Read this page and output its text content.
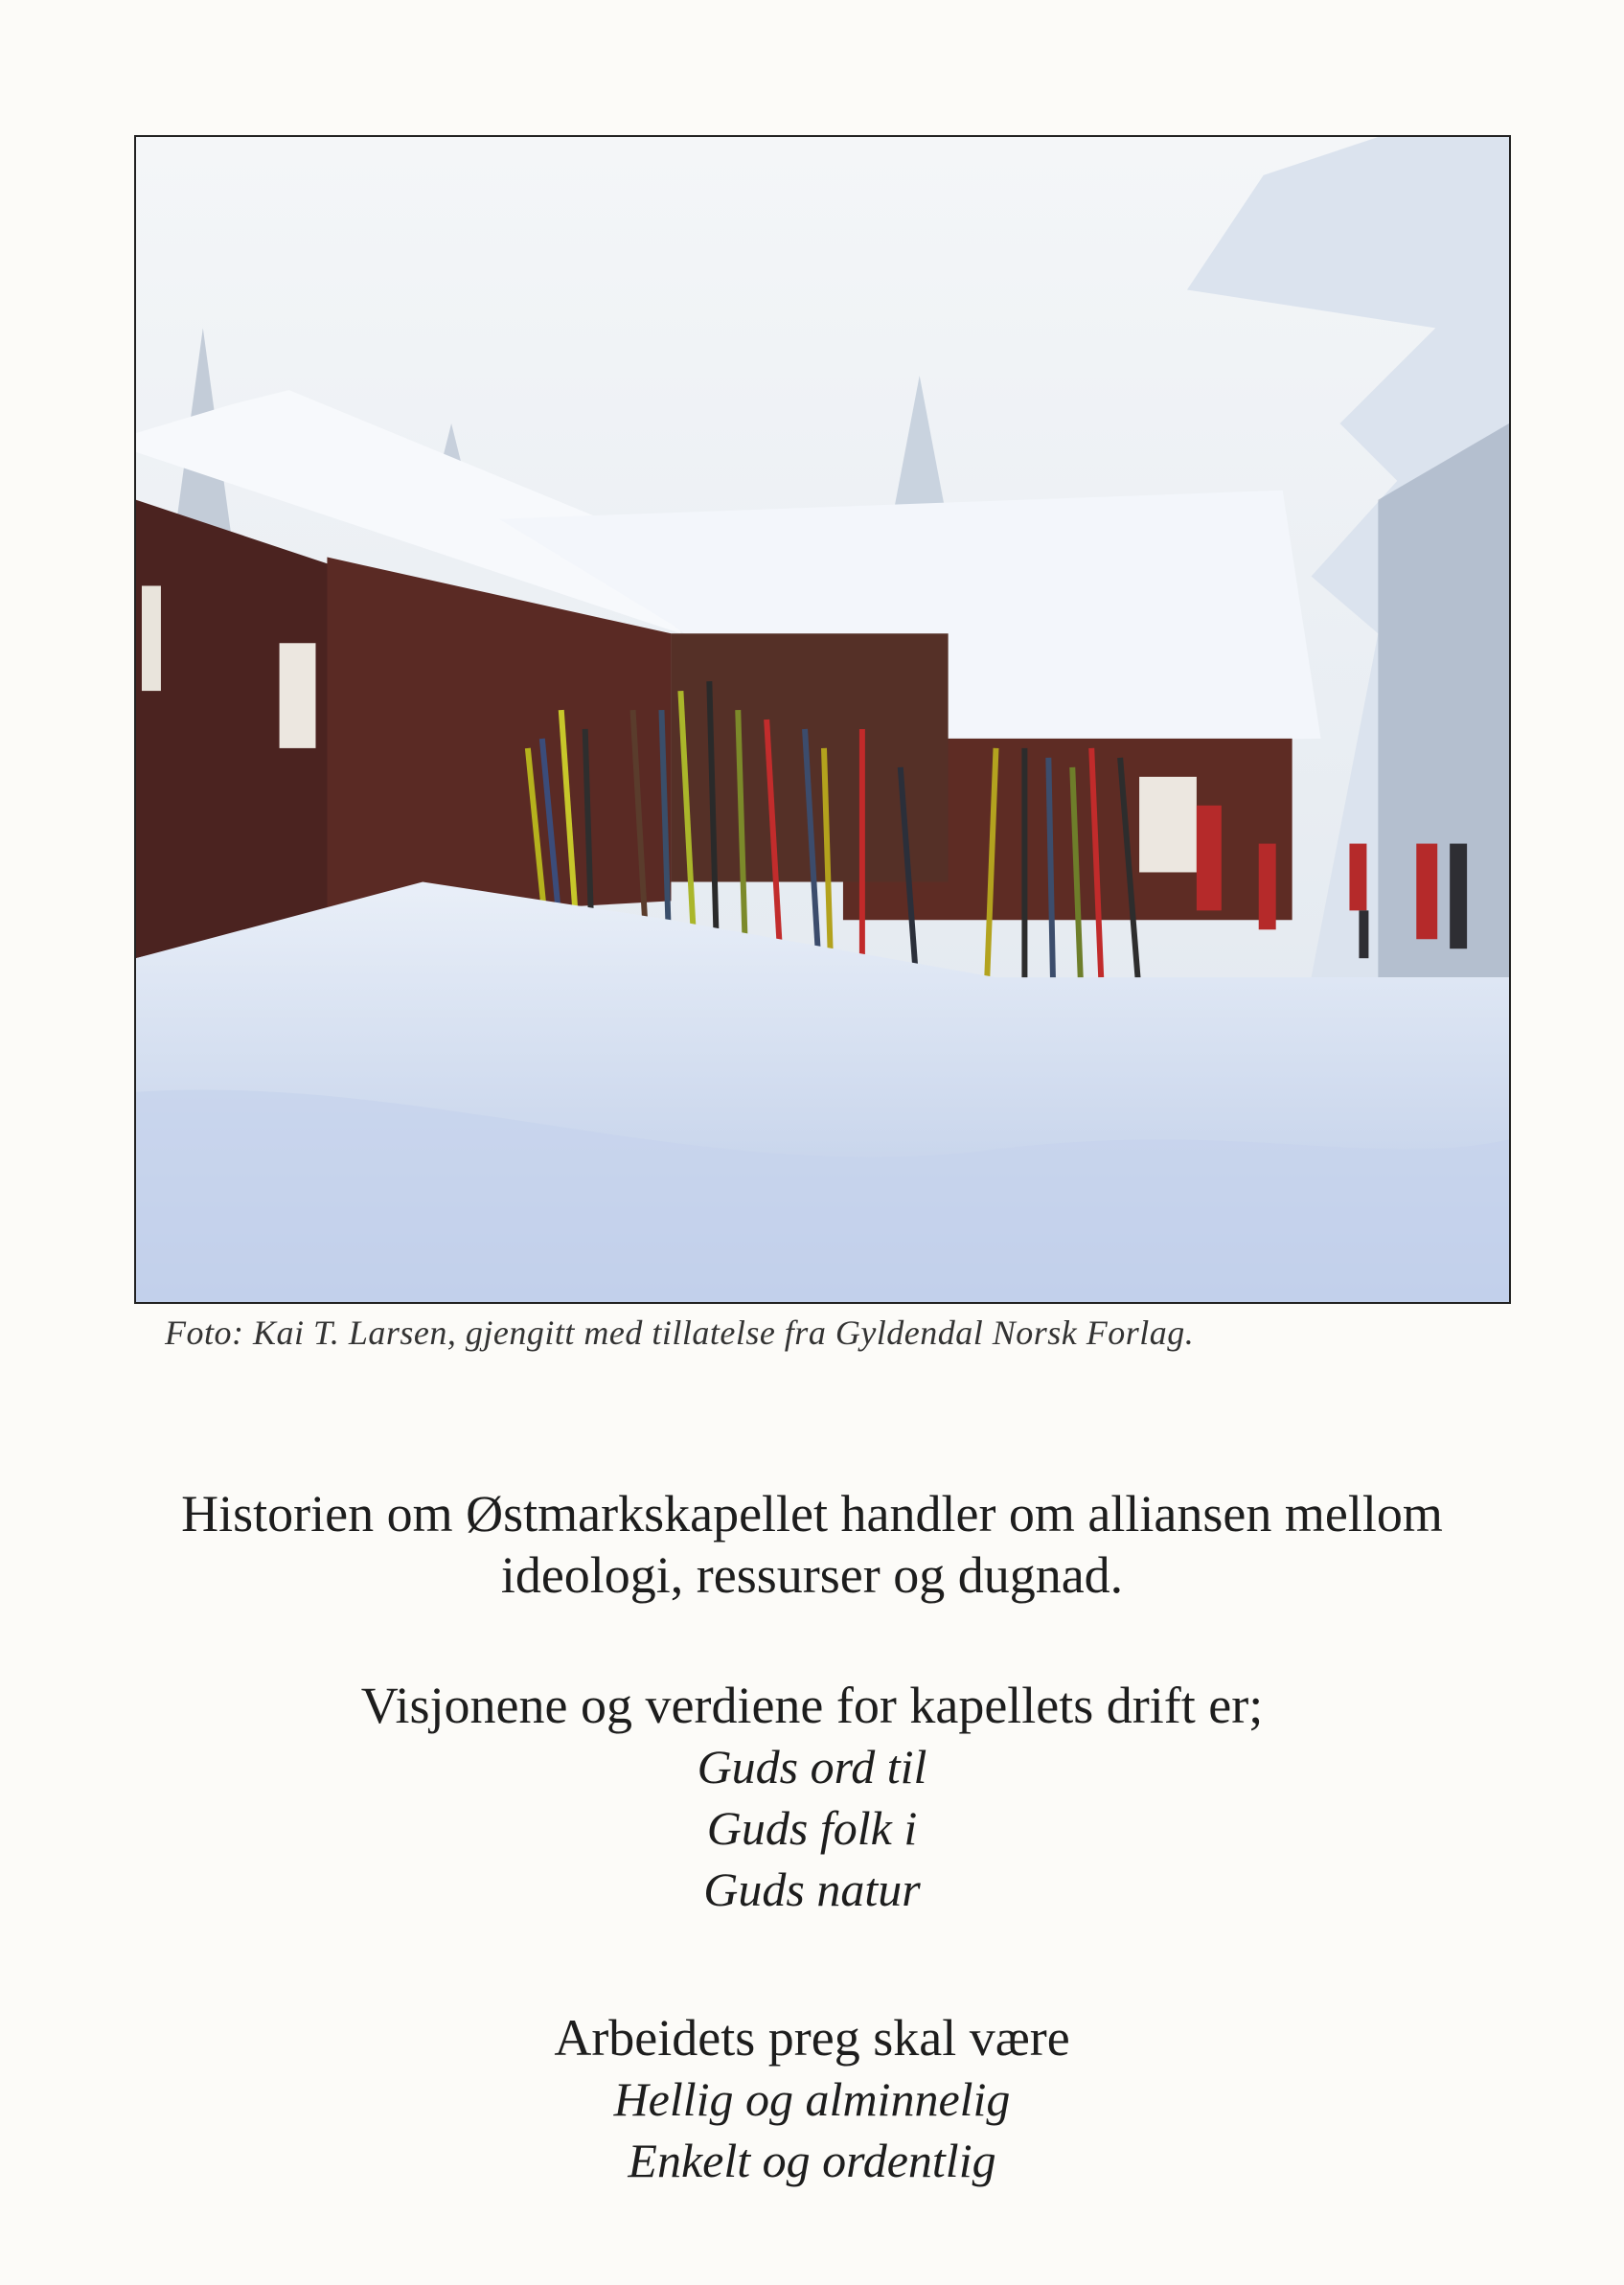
Foto: Kai T. Larsen, gjengitt med tillatelse fra Gyldendal Norsk Forlag.
Historien om Østmarkskapellet handler om alliansen mellom
ideologi, ressurser og dugnad.
Visjonene og verdiene for kapellets drift er;
Guds ord til
Guds folk i
Guds natur
Arbeidets preg skal være
Hellig og alminnelig
Enkelt og ordentlig
